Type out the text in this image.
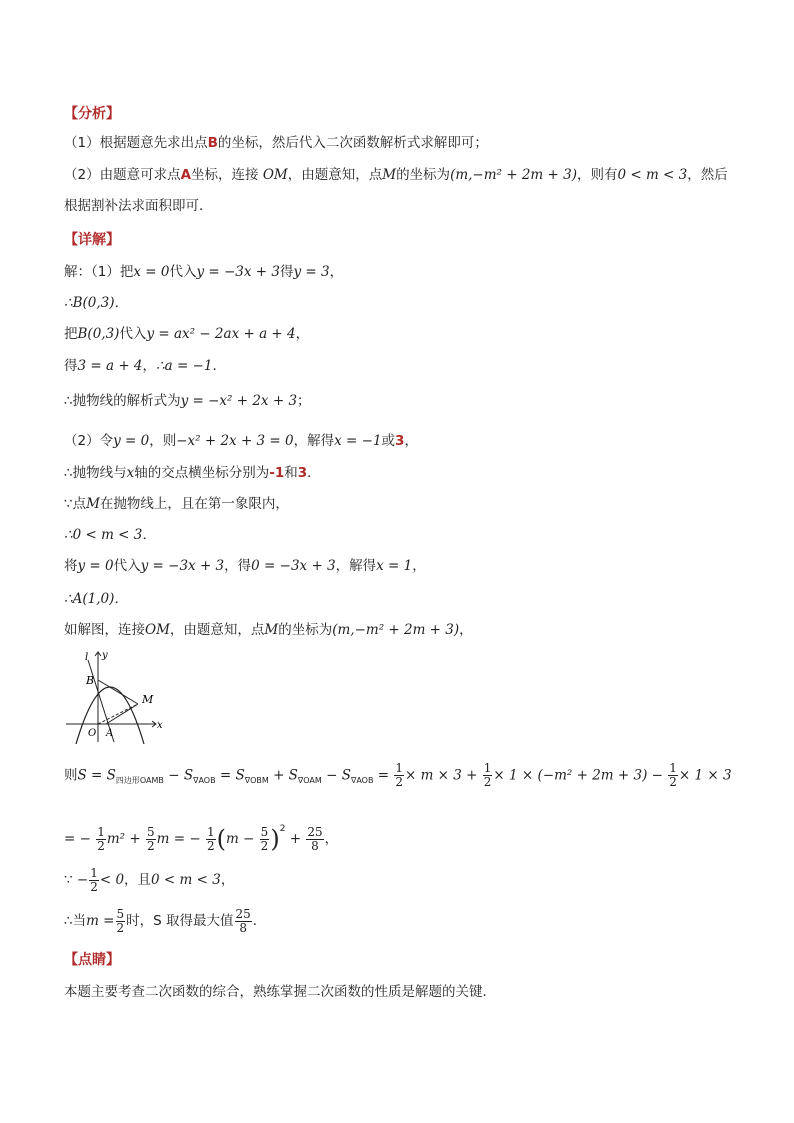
【分析】
（1）根据题意先求出点B的坐标，然后代入二次函数解析式求解即可；
（2）由题意可求点A坐标，连接 OM，由题意知，点M的坐标为(m,−m² + 2m + 3)，则有0 < m < 3，然后
根据割补法求面积即可．
【详解】
解：（1）把x = 0代入y = −3x + 3得y = 3，
∴B(0,3)．
把B(0,3)代入y = ax² − 2ax + a + 4，
得3 = a + 4，∴a = −1．
∴抛物线的解析式为y = −x² + 2x + 3；
（2）令y = 0，则−x² + 2x + 3 = 0，解得x = −1或3，
∴抛物线与x轴的交点横坐标分别为-1和3．
∵点M在抛物线上，且在第一象限内，
∴0 < m < 3．
将y = 0代入y = −3x + 3，得0 = −3x + 3，解得x = 1，
∴A(1,0)．
如解图，连接OM，由题意知，点M的坐标为(m,−m² + 2m + 3)，
l y
B
M
O A
x
则$S = S_{四边形OAMB} - S_{\nabla AOB} = S_{\nabla OBM} + S_{\nabla OAM} - S_{\nabla AOB} = \frac{1}{2} \times m \times 3 + \frac{1}{2} \times 1 \times (-m^2 + 2m + 3) - \frac{1}{2} \times 1 \times 3$
= − $\frac{1}{2} m^2 + \frac{5}{2}$ m = − $\frac{1}{2} (m - \frac{5}{2} )^2 + \frac{25}{8}$ ，
∵ − $\frac{1}{2} < 0$，且0 < m < 3，
∴当$m = \frac{5}{2}$ 时，S 取得最大值 $\frac{25}{8}$ ．
【点睛】
本题主要考查二次函数的综合，熟练掌握二次函数的性质是解题的关键．
